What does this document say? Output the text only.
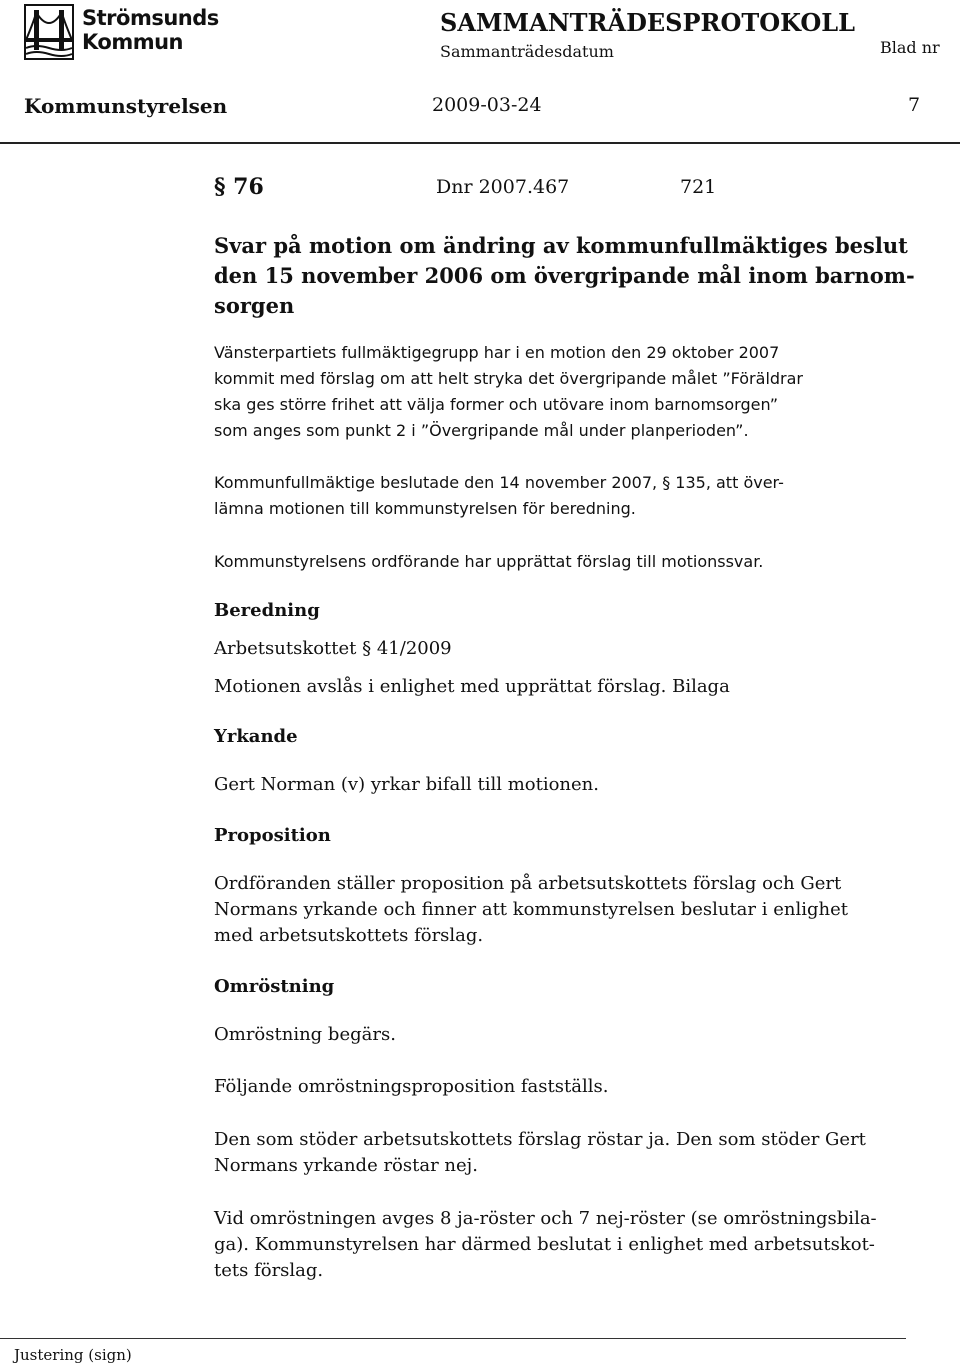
Strömsunds
Kommun
SAMMANTRÄDESPROTOKOLL
Sammanträdesdatum	Blad nr
Kommunstyrelsen	2009-03-24	7
§ 76	Dnr 2007.467	721
Svar på motion om ändring av kommunfullmäktiges beslut
den 15 november 2006 om övergripande mål inom barnom-
sorgen
Vänsterpartiets fullmäktigegrupp har i en motion den 29 oktober 2007
kommit med förslag om att helt stryka det övergripande målet ”Föräldrar
ska ges större frihet att välja former och utövare inom barnomsorgen”
som anges som punkt 2 i ”Övergripande mål under planperioden”.
Kommunfullmäktige beslutade den 14 november 2007, § 135, att över-
lämna motionen till kommunstyrelsen för beredning.
Kommunstyrelsens ordförande har upprättat förslag till motionssvar.
Beredning
Arbetsutskottet § 41/2009
Motionen avslås i enlighet med upprättat förslag. Bilaga
Yrkande
Gert Norman (v) yrkar bifall till motionen.
Proposition
Ordföranden ställer proposition på arbetsutskottets förslag och Gert
Normans yrkande och finner att kommunstyrelsen beslutar i enlighet
med arbetsutskottets förslag.
Omröstning
Omröstning begärs.
Följande omröstningsproposition fastställs.
Den som stöder arbetsutskottets förslag röstar ja. Den som stöder Gert
Normans yrkande röstar nej.
Vid omröstningen avges 8 ja-röster och 7 nej-röster (se omröstningsbila-
ga). Kommunstyrelsen har därmed beslutat i enlighet med arbetsutskot-
tets förslag.
Justering (sign)
